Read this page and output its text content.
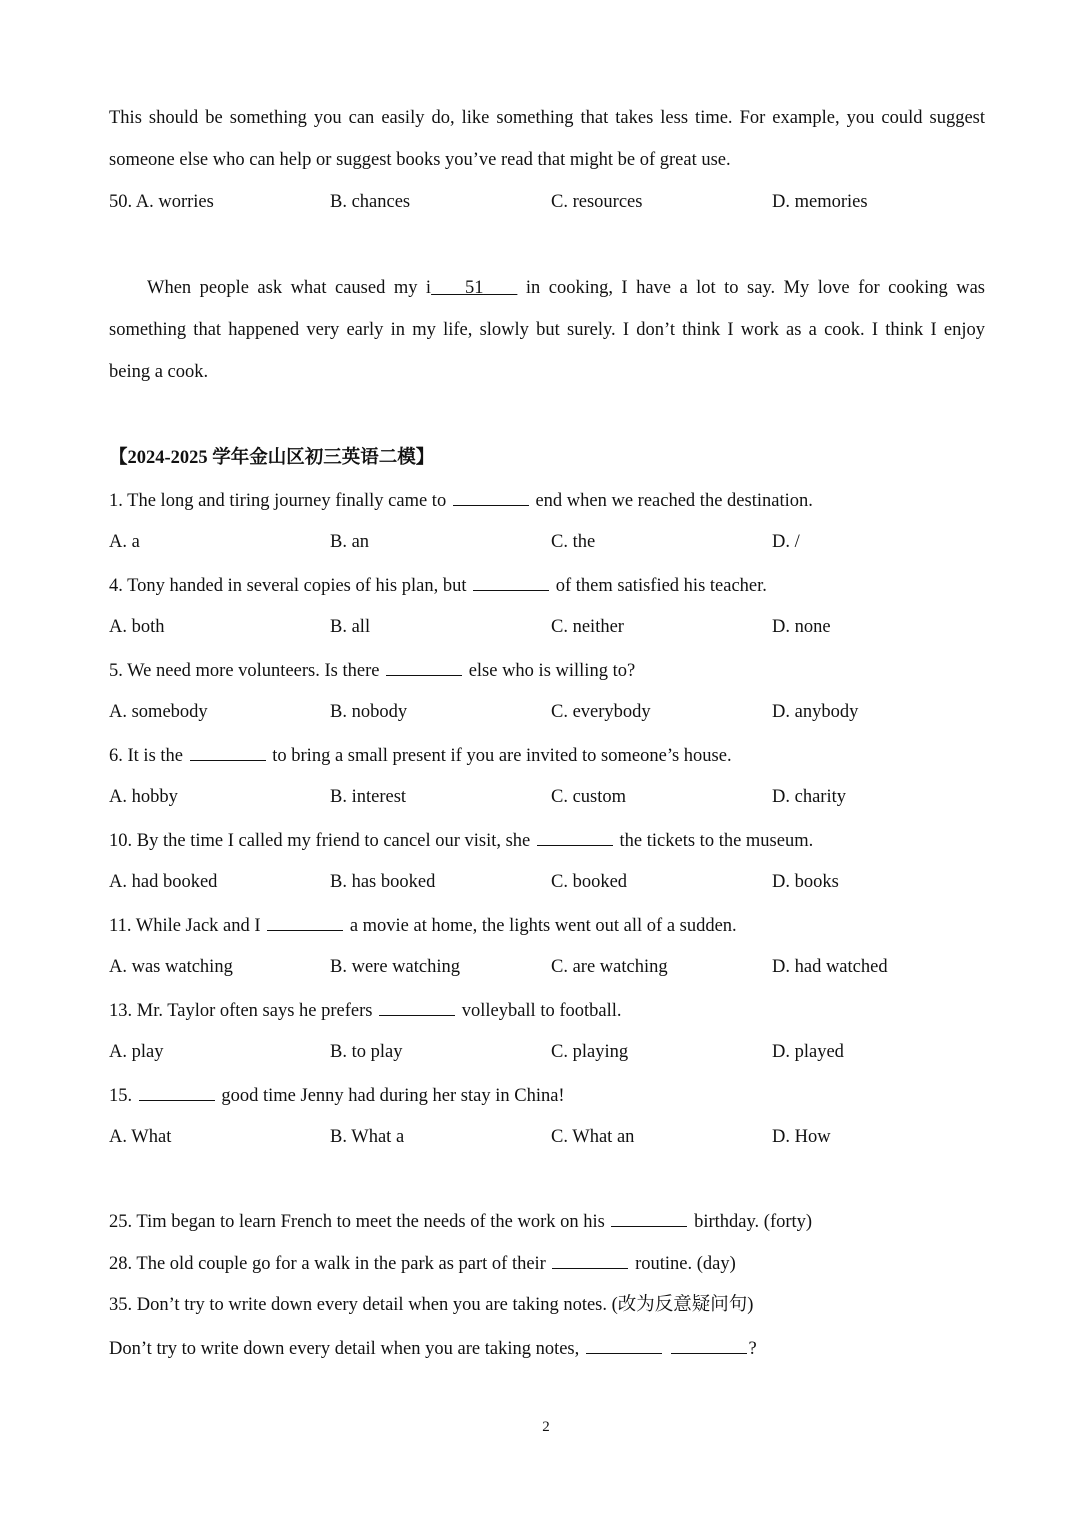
This should be something you can easily do, like something that takes less time. For example, you could suggest
someone else who can help or suggest books you’ve read that might be of great use.
50. A. worries	B. chances	C. resources	D. memories
When people ask what caused my i 51     in cooking, I have a lot to say. My love for cooking was
something that happened very early in my life, slowly but surely. I don’t think I work as a cook. I think I enjoy
being a cook.
【2024-2025 学年金山区初三英语二模】
1. The long and tiring journey finally came to	end when we reached the destination.
A. a	B. an	C. the	D. /
4. Tony handed in several copies of his plan, but	of them satisfied his teacher.
A. both	B. all	C. neither	D. none
5. We need more volunteers. Is there	else who is willing to?
A. somebody	B. nobody	C. everybody	D. anybody
6. It is the	to bring a small present if you are invited to someone’s house.
A. hobby	B. interest	C. custom	D. charity
10. By the time I called my friend to cancel our visit, she	the tickets to the museum.
A. had booked	B. has booked	C. booked	D. books
11. While Jack and I	a movie at home, the lights went out all of a sudden.
A. was watching	B. were watching	C. are watching	D. had watched
13. Mr. Taylor often says he prefers	volleyball to football.
A. play	B. to play	C. playing	D. played
15.	good time Jenny had during her stay in China!
A. What	B. What a	C. What an	D. How
25. Tim began to learn French to meet the needs of the work on his	birthday. (forty)
28. The old couple go for a walk in the park as part of their	routine. (day)
35. Don’t try to write down every detail when you are taking notes. (改为反意疑问句)
Don’t try to write down every detail when you are taking notes,	?
2
